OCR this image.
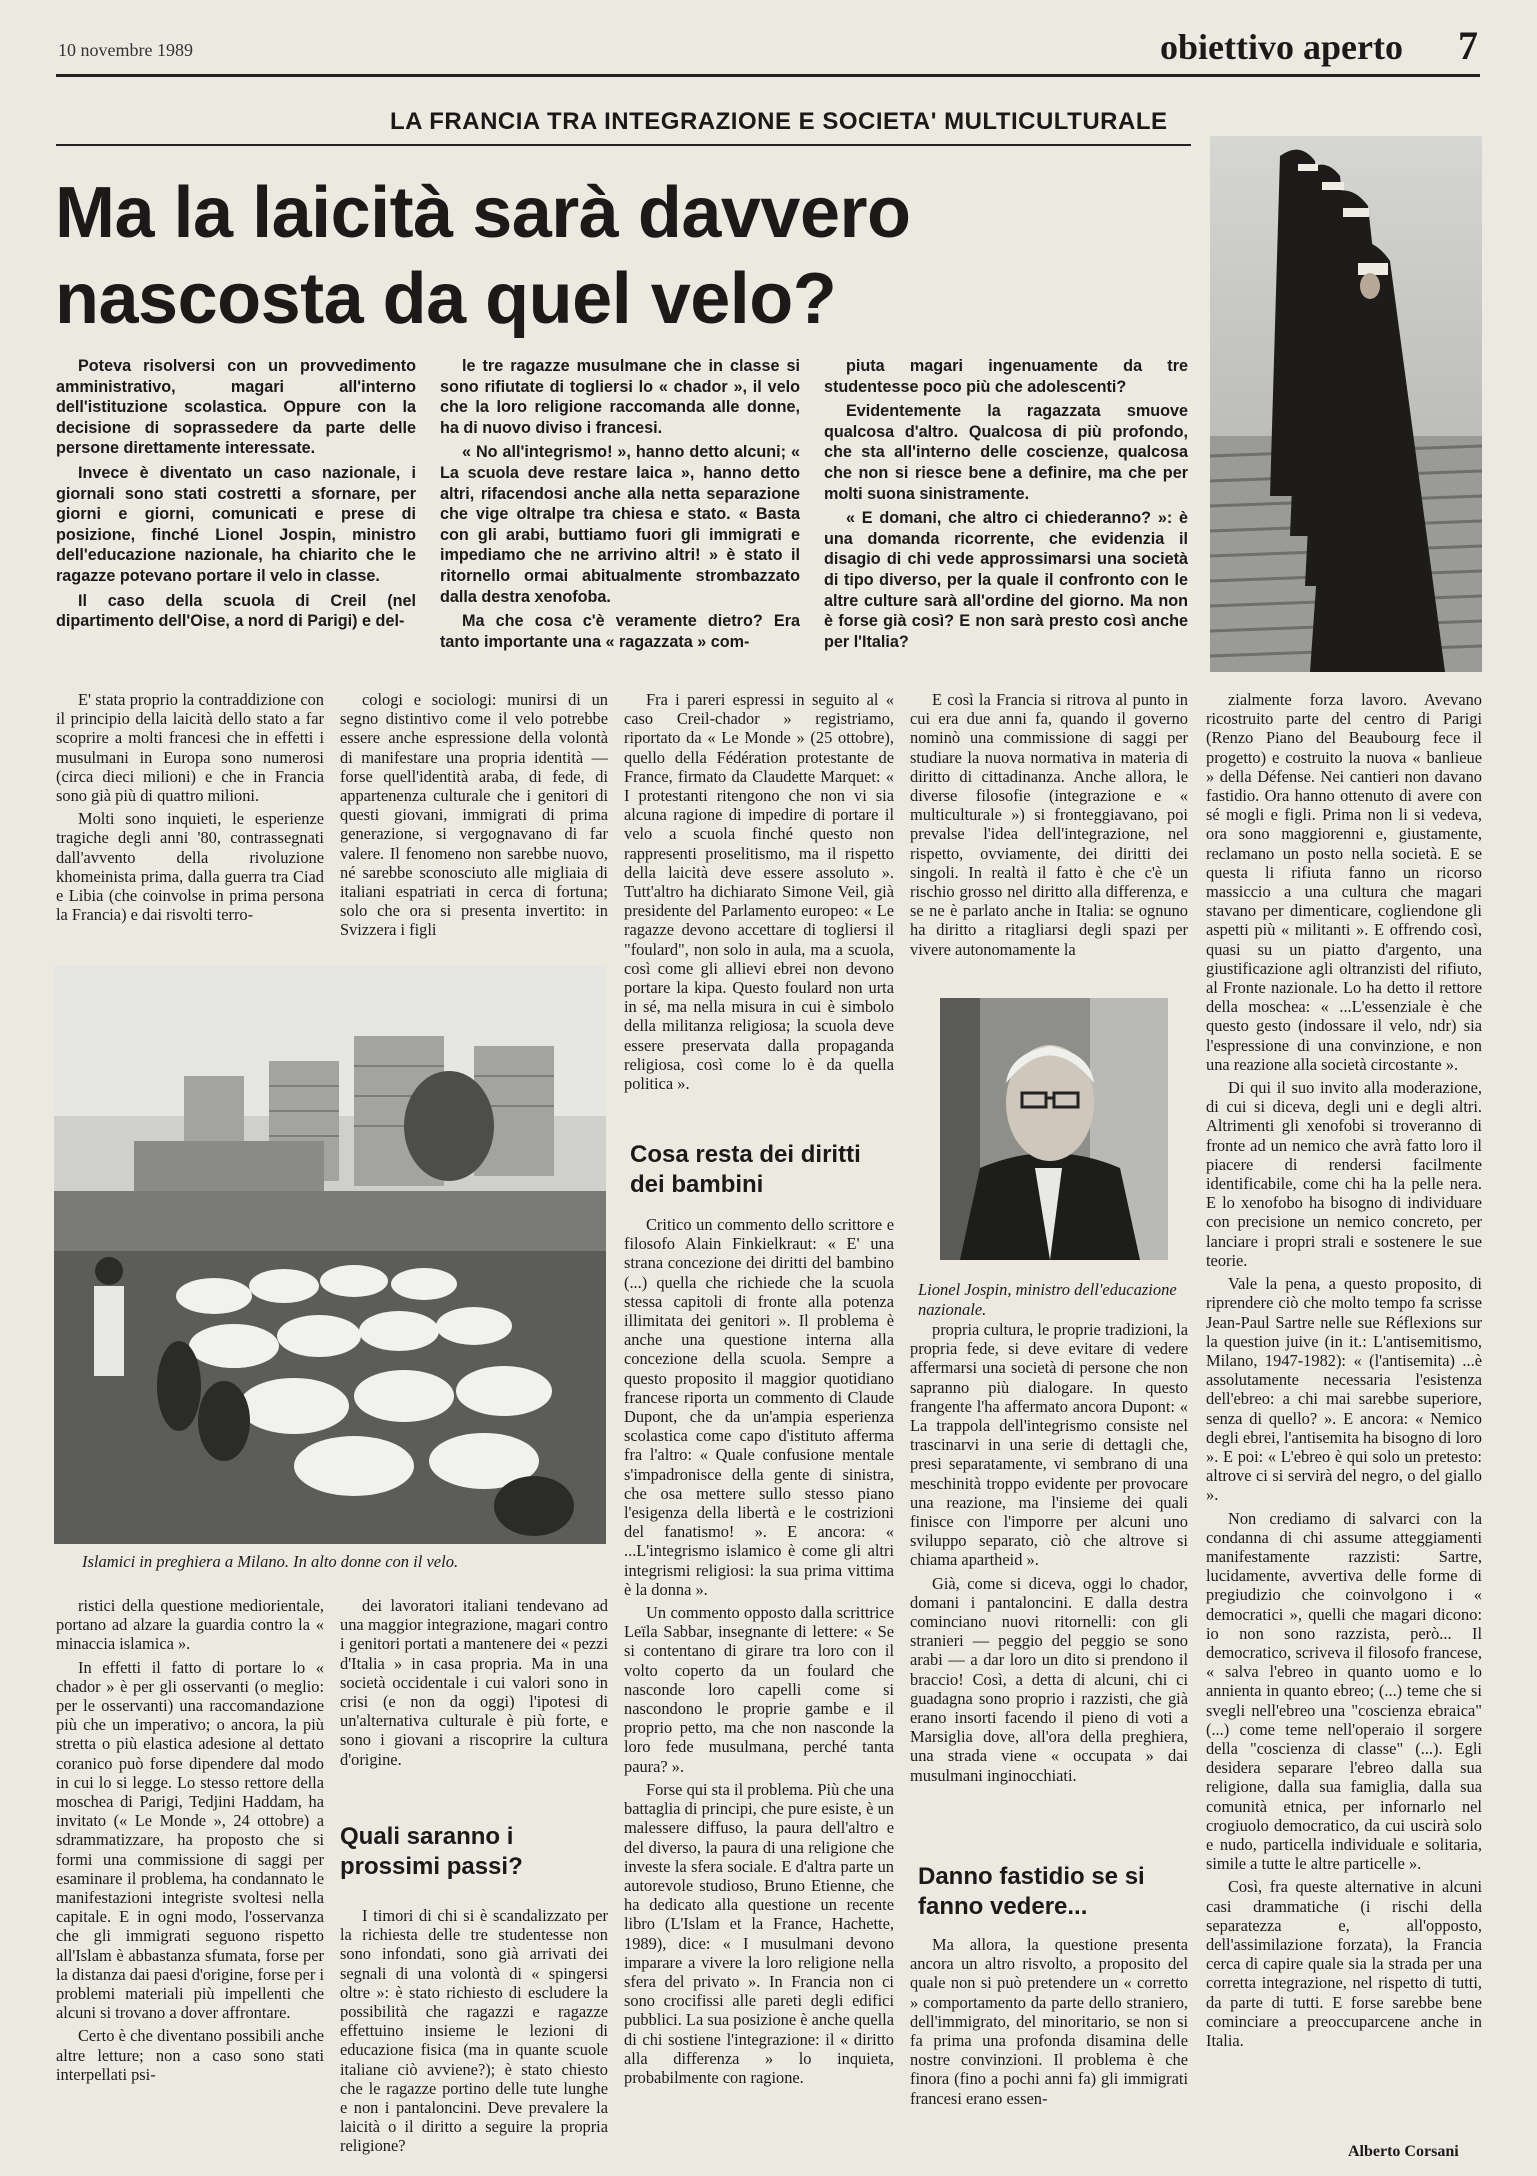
10 novembre 1989	obiettivo aperto 7
LA FRANCIA TRA INTEGRAZIONE E SOCIETA' MULTICULTURALE
Ma la laicità sarà davvero nascosta da quel velo?

Poteva risolversi con un provvedimento amministrativo, magari all'interno dell'istituzione scolastica. Oppure con la decisione di soprassedere da parte delle persone direttamente interessate.

Invece è diventato un caso nazionale, i giornali sono stati costretti a sfornare, per giorni e giorni, comunicati e prese di posizione, finché Lionel Jospin, ministro dell'educazione nazionale, ha chiarito che le ragazze potevano portare il velo in classe.

Il caso della scuola di Creil (nel dipartimento dell'Oise, a nord di Parigi) e del-

le tre ragazze musulmane che in classe si sono rifiutate di togliersi lo « chador », il velo che la loro religione raccomanda alle donne, ha di nuovo diviso i francesi.

« No all'integrismo! », hanno detto alcuni; « La scuola deve restare laica », hanno detto altri, rifacendosi anche alla netta separazione che vige oltralpe tra chiesa e stato. « Basta con gli arabi, buttiamo fuori gli immigrati e impediamo che ne arrivino altri! » è stato il ritornello ormai abitualmente strombazzato dalla destra xenofoba.

Ma che cosa c'è veramente dietro? Era tanto importante una « ragazzata » com-

piuta magari ingenuamente da tre studentesse poco più che adolescenti?

Evidentemente la ragazzata smuove qualcosa d'altro. Qualcosa di più profondo, che sta all'interno delle coscienze, qualcosa che non si riesce bene a definire, ma che per molti suona sinistramente.

« E domani, che altro ci chiederanno? »: è una domanda ricorrente, che evidenzia il disagio di chi vede approssimarsi una società di tipo diverso, per la quale il confronto con le altre culture sarà all'ordine del giorno. Ma non è forse già così? E non sarà presto così anche per l'Italia?

E' stata proprio la contraddizione con il principio della laicità dello stato a far scoprire a molti francesi che in effetti i musulmani in Europa sono numerosi (circa dieci milioni) e che in Francia sono già più di quattro milioni.

Molti sono inquieti, le esperienze tragiche degli anni '80, contrassegnati dall'avvento della rivoluzione khomeinista prima, dalla guerra tra Ciad e Libia (che coinvolse in prima persona la Francia) e dai risvolti terro-

cologi e sociologi: munirsi di un segno distintivo come il velo potrebbe essere anche espressione della volontà di manifestare una propria identità — forse quell'identità araba, di fede, di appartenenza culturale che i genitori di questi giovani, immigrati di prima generazione, si vergognavano di far valere. Il fenomeno non sarebbe nuovo, né sarebbe sconosciuto alle migliaia di italiani espatriati in cerca di fortuna; solo che ora si presenta invertito: in Svizzera i figli

Fra i pareri espressi in seguito al « caso Creil-chador » registriamo, riportato da « Le Monde » (25 ottobre), quello della Fédération protestante de France, firmato da Claudette Marquet: « I protestanti ritengono che non vi sia alcuna ragione di impedire di portare il velo a scuola finché questo non rappresenti proselitismo, ma il rispetto della laicità deve essere assoluto ». Tutt'altro ha dichiarato Simone Veil, già presidente del Parlamento europeo: « Le ragazze devono accettare di togliersi il "foulard", non solo in aula, ma a scuola, così come gli allievi ebrei non devono portare la kipa. Questo foulard non urta in sé, ma nella misura in cui è simbolo della militanza religiosa; la scuola deve essere preservata dalla propaganda religiosa, così come lo è da quella politica ».

E così la Francia si ritrova al punto in cui era due anni fa, quando il governo nominò una commissione di saggi per studiare la nuova normativa in materia di diritto di cittadinanza. Anche allora, le diverse filosofie (integrazione e « multiculturale ») si fronteggiavano, poi prevalse l'idea dell'integrazione, nel rispetto, ovviamente, dei diritti dei singoli. In realtà il fatto è che c'è un rischio grosso nel diritto alla differenza, e se ne è parlato anche in Italia: se ognuno ha diritto a ritagliarsi degli spazi per vivere autonomamente la

zialmente forza lavoro. Avevano ricostruito parte del centro di Parigi (Renzo Piano del Beaubourg fece il progetto) e costruito la nuova « banlieue » della Défense. Nei cantieri non davano fastidio. Ora hanno ottenuto di avere con sé mogli e figli. Prima non li si vedeva, ora sono maggiorenni e, giustamente, reclamano un posto nella società. E se questa li rifiuta fanno un ricorso massiccio a una cultura che magari stavano per dimenticare, cogliendone gli aspetti più « militanti ». E offrendo così, quasi su un piatto d'argento, una giustificazione agli oltranzisti del rifiuto, al Fronte nazionale. Lo ha detto il rettore della moschea: « ...L'essenziale è che questo gesto (indossare il velo, ndr) sia l'espressione di una convinzione, e non una reazione alla società circostante ».

Di qui il suo invito alla moderazione, di cui si diceva, degli uni e degli altri. Altrimenti gli xenofobi si troveranno di fronte ad un nemico che avrà fatto loro il piacere di rendersi facilmente identificabile, come chi ha la pelle nera. E lo xenofobo ha bisogno di individuare con precisione un nemico concreto, per lanciare i propri strali e sostenere le sue teorie.

Vale la pena, a questo proposito, di riprendere ciò che molto tempo fa scrisse Jean-Paul Sartre nelle sue Réflexions sur la question juive (in it.: L'antisemitismo, Milano, 1947-1982): « (l'antisemita) ...è assolutamente necessaria l'esistenza dell'ebreo: a chi mai sarebbe superiore, senza di quello? ». E ancora: « Nemico degli ebrei, l'antisemita ha bisogno di loro ». E poi: « L'ebreo è qui solo un pretesto: altrove ci si servirà del negro, o del giallo ».

Non crediamo di salvarci con la condanna di chi assume atteggiamenti manifestamente razzisti: Sartre, lucidamente, avvertiva delle forme di pregiudizio che coinvolgono i « democratici », quelli che magari dicono: io non sono razzista, però... Il democratico, scriveva il filosofo francese, « salva l'ebreo in quanto uomo e lo annienta in quanto ebreo; (...) teme che si svegli nell'ebreo una "coscienza ebraica" (...) come teme nell'operaio il sorgere della "coscienza di classe" (...). Egli desidera separare l'ebreo dalla sua religione, dalla sua famiglia, dalla sua comunità etnica, per infornarlo nel crogiuolo democratico, da cui uscirà solo e nudo, particella individuale e solitaria, simile a tutte le altre particelle ».

Così, fra queste alternative in alcuni casi drammatiche (i rischi della separatezza e, all'opposto, dell'assimilazione forzata), la Francia cerca di capire quale sia la strada per una corretta integrazione, nel rispetto di tutti, da parte di tutti. E forse sarebbe bene cominciare a preoccuparcene anche in Italia.

Islamici in preghiera a Milano. In alto donne con il velo.
Cosa resta dei diritti dei bambini
Lionel Jospin, ministro dell'educazione nazionale.

ristici della questione mediorientale, portano ad alzare la guardia contro la « minaccia islamica ».

In effetti il fatto di portare lo « chador » è per gli osservanti (o meglio: per le osservanti) una raccomandazione più che un imperativo; o ancora, la più stretta o più elastica adesione al dettato coranico può forse dipendere dal modo in cui lo si legge. Lo stesso rettore della moschea di Parigi, Tedjini Haddam, ha invitato (« Le Monde », 24 ottobre) a sdrammatizzare, ha proposto che si formi una commissione di saggi per esaminare il problema, ha condannato le manifestazioni integriste svoltesi nella capitale. E in ogni modo, l'osservanza che gli immigrati seguono rispetto all'Islam è abbastanza sfumata, forse per la distanza dai paesi d'origine, forse per i problemi materiali più impellenti che alcuni si trovano a dover affrontare.

Certo è che diventano possibili anche altre letture; non a caso sono stati interpellati psi-

dei lavoratori italiani tendevano ad una maggior integrazione, magari contro i genitori portati a mantenere dei « pezzi d'Italia » in casa propria. Ma in una società occidentale i cui valori sono in crisi (e non da oggi) l'ipotesi di un'alternativa culturale è più forte, e sono i giovani a riscoprire la cultura d'origine.

Quali saranno i prossimi passi?

I timori di chi si è scandalizzato per la richiesta delle tre studentesse non sono infondati, sono già arrivati dei segnali di una volontà di « spingersi oltre »: è stato richiesto di escludere la possibilità che ragazzi e ragazze effettuino insieme le lezioni di educazione fisica (ma in quante scuole italiane ciò avviene?); è stato chiesto che le ragazze portino delle tute lunghe e non i pantaloncini. Deve prevalere la laicità o il diritto a seguire la propria religione?

Critico un commento dello scrittore e filosofo Alain Finkielkraut: « E' una strana concezione dei diritti del bambino (...) quella che richiede che la scuola stessa capitoli di fronte alla potenza illimitata dei genitori ». Il problema è anche una questione interna alla concezione della scuola. Sempre a questo proposito il maggior quotidiano francese riporta un commento di Claude Dupont, che da un'ampia esperienza scolastica come capo d'istituto afferma fra l'altro: « Quale confusione mentale s'impadronisce della gente di sinistra, che osa mettere sullo stesso piano l'esigenza della libertà e le costrizioni del fanatismo! ». E ancora: « ...L'integrismo islamico è come gli altri integrismi religiosi: la sua prima vittima è la donna ».

Un commento opposto dalla scrittrice Leïla Sabbar, insegnante di lettere: « Se si contentano di girare tra loro con il volto coperto da un foulard che nasconde loro capelli come si nascondono le proprie gambe e il proprio petto, ma che non nasconde la loro fede musulmana, perché tanta paura? ».

Forse qui sta il problema. Più che una battaglia di principi, che pure esiste, è un malessere diffuso, la paura dell'altro e del diverso, la paura di una religione che investe la sfera sociale. E d'altra parte un autorevole studioso, Bruno Etienne, che ha dedicato alla questione un recente libro (L'Islam et la France, Hachette, 1989), dice: « I musulmani devono imparare a vivere la loro religione nella sfera del privato ». In Francia non ci sono crocifissi alle pareti degli edifici pubblici. La sua posizione è anche quella di chi sostiene l'integrazione: il « diritto alla differenza » lo inquieta, probabilmente con ragione.

propria cultura, le proprie tradizioni, la propria fede, si deve evitare di vedere affermarsi una società di persone che non sapranno più dialogare. In questo frangente l'ha affermato ancora Dupont: « La trappola dell'integrismo consiste nel trascinarvi in una serie di dettagli che, presi separatamente, vi sembrano di una meschinità troppo evidente per provocare una reazione, ma l'insieme dei quali finisce con l'imporre per alcuni uno sviluppo separato, ciò che altrove si chiama apartheid ».

Già, come si diceva, oggi lo chador, domani i pantaloncini. E dalla destra cominciano nuovi ritornelli: con gli stranieri — peggio del peggio se sono arabi — a dar loro un dito si prendono il braccio! Così, a detta di alcuni, chi ci guadagna sono proprio i razzisti, che già erano insorti facendo il pieno di voti a Marsiglia dove, all'ora della preghiera, una strada viene « occupata » dai musulmani inginocchiati.

Danno fastidio se si fanno vedere...

Ma allora, la questione presenta ancora un altro risvolto, a proposito del quale non si può pretendere un « corretto » comportamento da parte dello straniero, dell'immigrato, del minoritario, se non si fa prima una profonda disamina delle nostre convinzioni. Il problema è che finora (fino a pochi anni fa) gli immigrati francesi erano essen-

Alberto Corsani
